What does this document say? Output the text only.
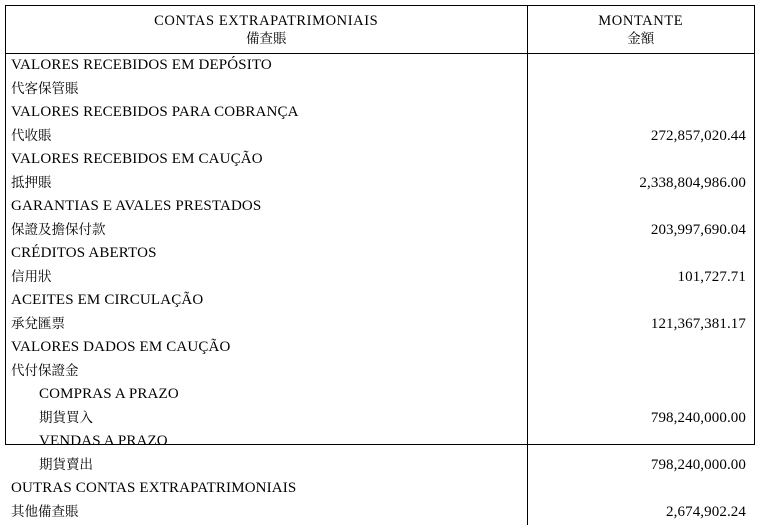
CONTAS EXTRAPATRIMONIAIS
備查賬

MONTANTE
金額

VALORES RECEBIDOS EM DEPÓSITO	
代客保管賬	
VALORES RECEBIDOS PARA COBRANÇA	
代收賬	272,857,020.44
VALORES RECEBIDOS EM CAUÇÃO	
抵押賬	2,338,804,986.00
GARANTIAS E AVALES PRESTADOS	
保證及擔保付款	203,997,690.04
CRÉDITOS ABERTOS	
信用狀	101,727.71
ACEITES EM CIRCULAÇÃO	
承兌匯票	121,367,381.17
VALORES DADOS EM CAUÇÃO	
代付保證金	
COMPRAS A PRAZO	
期貨買入	798,240,000.00
VENDAS A PRAZO	
期貨賣出	798,240,000.00
OUTRAS CONTAS EXTRAPATRIMONIAIS	
其他備查賬	2,674,902.24
